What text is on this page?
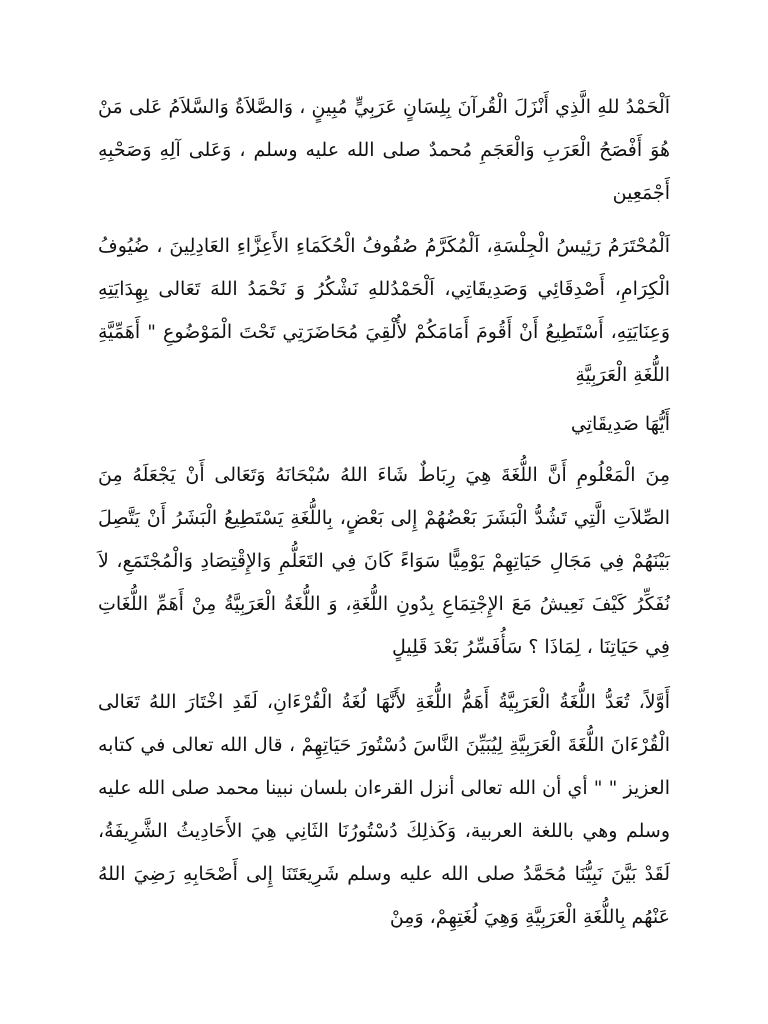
اَلْحَمْدُ للهِ الَّذِي أَنْزَلَ الْقُرآنَ بِلِسَانٍ عَرَبِيٍّ مُبِينٍ ، وَالصَّلاَةُ وَالسَّلاَمُ عَلى مَنْ هُوَ أَفْصَحُ الْعَرَبِ وَالْعَجَمِ مُحمدٌ صلى الله عليه وسلم ، وَعَلى آلِهِ وَصَحْبِهِ أَجْمَعِين

اَلْمُحْتَرَمُ رَئِيسُ الْجِلْسَةِ، اَلْمُكَرَّمُ صُفُوفُ الْحُكَمَاءِ الأَعِزَّاءِ العَادِلِينَ ، ضُيُوفُ الْكِرَامِ، أَصْدِقَائِي وَصَدِيقَاتِي، اَلْحَمْدُللهِ نَشْكُرُ وَ نَحْمَدُ اللهَ تَعَالى بِهِدَايَتِهِ وَعِنَايَتِهِ، أَسْتَطِيعُ أَنْ أَقُومَ أَمَامَكُمْ لأُلْقِيَ مُحَاضَرَتِي تَحْتَ الْمَوْضُوعِ " أَهَمِّيَّةِ اللُّغَةِ الْعَرَبِيَّةِ

أَيُّهَا صَدِيقَاتِي

مِنَ الْمَعْلُومِ أَنَّ اللُّغَةَ هِيَ رِبَاطٌ شَاءَ اللهُ سُبْحَانَهُ وَتَعَالى أَنْ يَجْعَلَهُ مِنَ الصِّلاَتِ الَّتِي تَشُدُّ الْبَشَرَ بَعْضُهُمْ إِلى بَعْضٍ، بِاللُّغَةِ يَسْتَطِيعُ الْبَشَرُ أَنْ يَتَّصِلَ بَيْنَهُمْ فِي مَجَالِ حَيَاتِهِمْ يَوْمِيًّا سَوَاءً كَانَ فِي التَعَلُّمِ وَالإِقْتِصَادِ وَالْمُجْتَمَعِ، لاَ نُفَكِّرُ كَيْفَ نَعِيشُ مَعَ الإِجْتِمَاعِ بِدُونِ اللُّغَةِ، وَ اللُّغَةُ الْعَرَبِيَّةُ مِنْ أَهَمِّ اللُّغَاتِ فِي حَيَاتِنَا ، لِمَاذَا ؟ سَأُفَسِّرُ بَعْدَ قَلِيلٍ

أَوَّلاً، تُعَدُّ اللُّغَةُ الْعَرَبِيَّةُ أَهَمُّ اللُّغَةِ لأَنَّهَا لُغَةُ الْقُرْءَانِ، لَقَدِ اخْتَارَ اللهُ تَعَالى الْقُرْءَانَ اللُّغَةَ الْعَرَبِيَّةِ لِيُبَيِّنَ النَّاسَ دُسْتُورَ حَيَاتِهِمْ ، قال الله تعالى في كتابه العزيز " " أي أن الله تعالى أنزل القرءان بلسان نبينا محمد صلى الله عليه وسلم وهي باللغة العربية، وَكَذلِكَ دُسْتُورُنَا الثَانِي هِيَ الأَحَادِيثُ الشَّرِيفَةُ، لَقَدْ بَيَّنَ نَبِيُّنَا مُحَمَّدُ صلى الله عليه وسلم شَرِيعَتَنَا إِلى أَصْحَابِهِ رَضِيَ اللهُ عَنْهُم بِاللُّغَةِ الْعَرَبِيَّةِ وَهِيَ لُغَتِهِمْ، وَمِنْ
